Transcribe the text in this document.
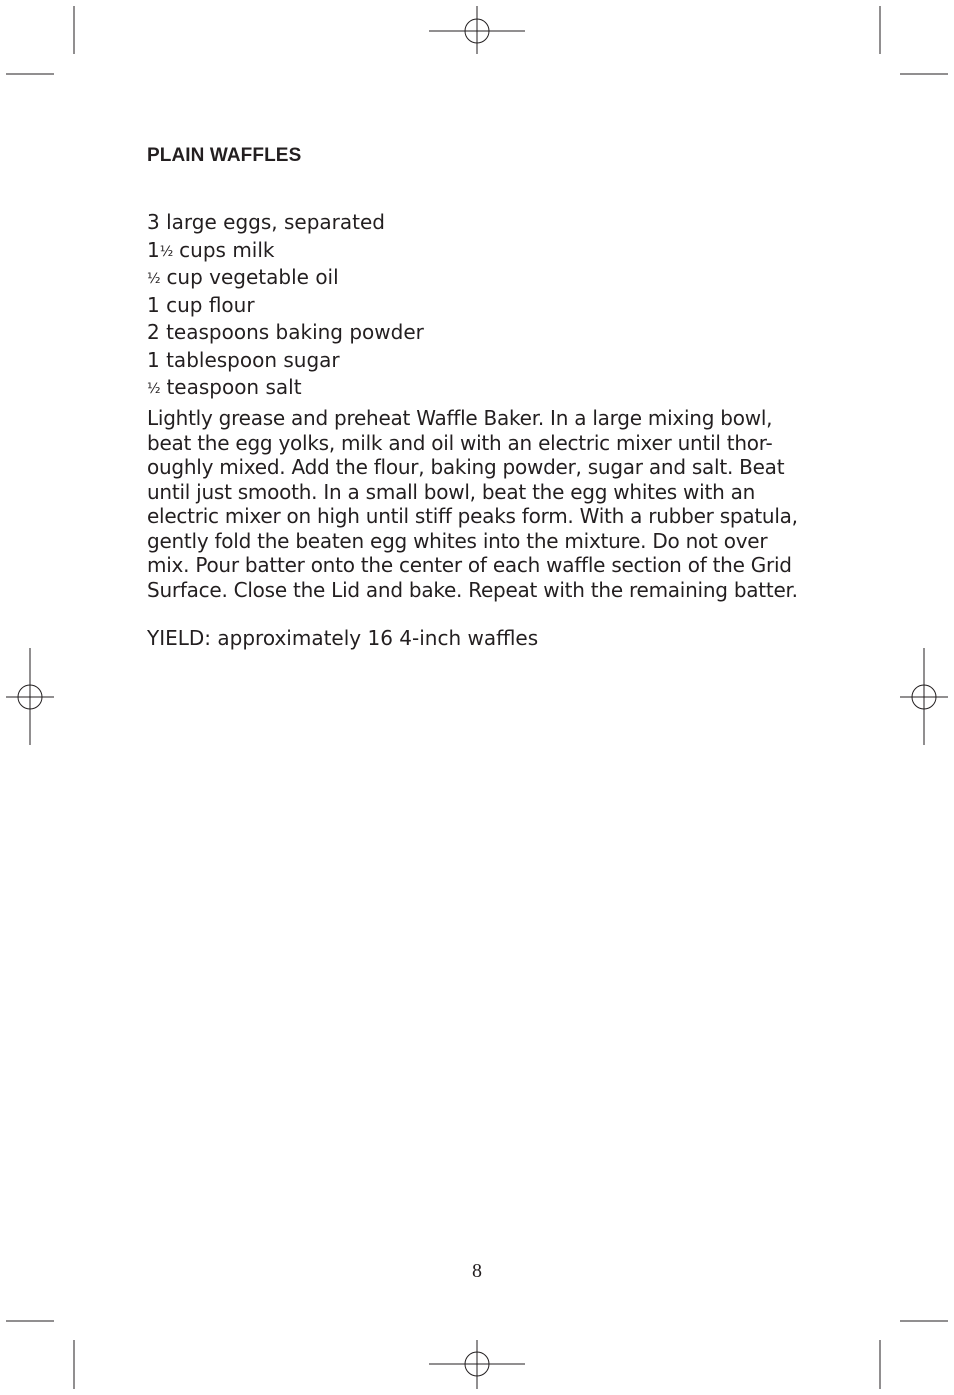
PLAIN WAFFLES
3 large eggs, separated
1½ cups milk
½ cup vegetable oil
1 cup flour
2 teaspoons baking powder
1 tablespoon sugar
½ teaspoon salt

Lightly grease and preheat Waffle Baker. In a large mixing bowl,
beat the egg yolks, milk and oil with an electric mixer until thor-
oughly mixed. Add the flour, baking powder, sugar and salt. Beat
until just smooth. In a small bowl, beat the egg whites with an
electric mixer on high until stiff peaks form. With a rubber spatula,
gently fold the beaten egg whites into the mixture. Do not over
mix. Pour batter onto the center of each waffle section of the Grid
Surface. Close the Lid and bake. Repeat with the remaining batter.

YIELD: approximately 16 4-inch waffles

8
